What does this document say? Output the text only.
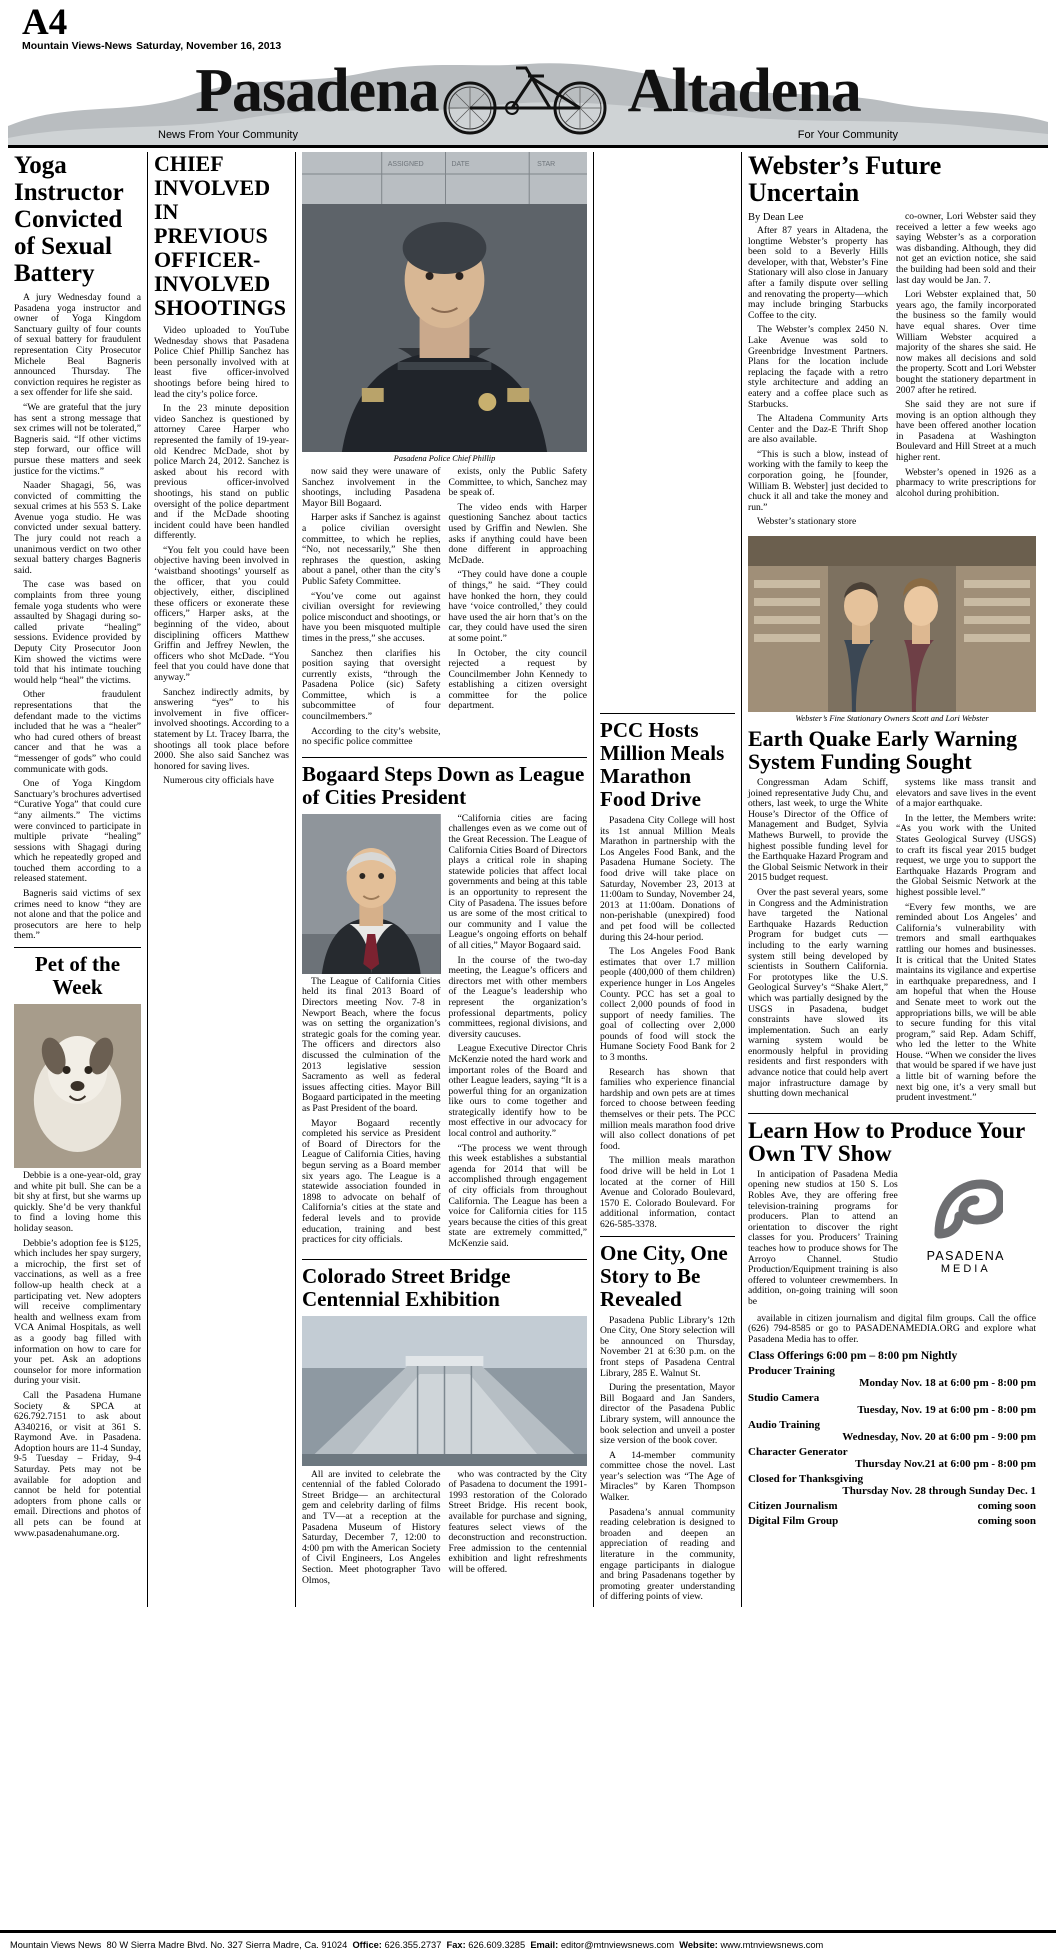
A4
Mountain Views-News Saturday, November 16, 2013
Pasadena	Altadena
News From Your Community	For Your Community
Yoga Instructor Convicted of Sexual Battery

A jury Wednesday found a Pasadena yoga instructor and owner of Yoga Kingdom Sanctuary guilty of four counts of sexual battery for fraudulent representation City Prosecutor Michele Beal Bagneris announced Thursday. The conviction requires he register as a sex offender for life she said.

“We are grateful that the jury has sent a strong message that sex crimes will not be tolerated,” Bagneris said. “If other victims step forward, our office will pursue these matters and seek justice for the victims.”

Naader Shagagi, 56, was convicted of committing the sexual crimes at his 553 S. Lake Avenue yoga studio. He was convicted under sexual battery. The jury could not reach a unanimous verdict on two other sexual battery charges Bagneris said.

The case was based on complaints from three young female yoga students who were assaulted by Shagagi during so-called private “healing” sessions. Evidence provided by Deputy City Prosecutor Joon Kim showed the victims were told that his intimate touching would help “heal” the victims.

Other fraudulent representations that the defendant made to the victims included that he was a “healer” who had cured others of breast cancer and that he was a “messenger of gods” who could communicate with gods.

One of Yoga Kingdom Sanctuary’s brochures advertised “Curative Yoga” that could cure “any ailments.” The victims were convinced to participate in multiple private “healing” sessions with Shagagi during which he repeatedly groped and touched them according to a released statement.

Bagneris said victims of sex crimes need to know “they are not alone and that the police and prosecutors are here to help them.”

Pet of the Week

Debbie is a one-year-old, gray and white pit bull. She can be a bit shy at first, but she warms up quickly. She’d be very thankful to find a loving home this holiday season.

Debbie’s adoption fee is $125, which includes her spay surgery, a microchip, the first set of vaccinations, as well as a free follow-up health check at a participating vet. New adopters will receive complimentary health and wellness exam from VCA Animal Hospitals, as well as a goody bag filled with information on how to care for your pet. Ask an adoptions counselor for more information during your visit.

Call the Pasadena Humane Society & SPCA at 626.792.7151 to ask about A340216, or visit at 361 S. Raymond Ave. in Pasadena. Adoption hours are 11-4 Sunday, 9-5 Tuesday – Friday, 9-4 Saturday. Pets may not be available for adoption and cannot be held for potential adopters from phone calls or email. Directions and photos of all pets can be found at www.pasadenahumane.org.

CHIEF INVOLVED IN PREVIOUS OFFICER-INVOLVED SHOOTINGS

Video uploaded to YouTube Wednesday shows that Pasadena Police Chief Phillip Sanchez has been personally involved with at least five officer-involved shootings before being hired to lead the city’s police force.

In the 23 minute deposition video Sanchez is questioned by attorney Caree Harper who represented the family of 19-year-old Kendrec McDade, shot by police March 24, 2012. Sanchez is asked about his record with previous officer-involved shootings, his stand on public oversight of the police department and if the McDade shooting incident could have been handled differently.

“You felt you could have been objective having been involved in ‘waistband shootings’ yourself as the officer, that you could objectively, either, disciplined these officers or exonerate these officers,” Harper asks, at the beginning of the video, about disciplining officers Matthew Griffin and Jeffrey Newlen, the officers who shot McDade. “You feel that you could have done that anyway.”

Sanchez indirectly admits, by answering “yes” to his involvement in five officer-involved shootings. According to a statement by Lt. Tracey Ibarra, the shootings all took place before 2000. She also said Sanchez was honored for saving lives.

Numerous city officials have

ASSIGNED	DATE	STAR
Pasadena Police Chief Phillip

now said they were unaware of Sanchez involvement in the shootings, including Pasadena Mayor Bill Bogaard.

Harper asks if Sanchez is against a police civilian oversight committee, to which he replies, “No, not necessarily,” She then rephrases the question, asking about a panel, other than the city’s Public Safety Committee.

“You’ve come out against civilian oversight for reviewing police misconduct and shootings, or have you been misquoted multiple times in the press,” she accuses.

Sanchez then clarifies his position saying that oversight currently exists, “through the Pasadena Police (sic) Safety Committee, which is a subcommittee of four councilmembers.”

According to the city’s website, no specific police committee

exists, only the Public Safety Committee, to which, Sanchez may be speak of.

The video ends with Harper questioning Sanchez about tactics used by Griffin and Newlen. She asks if anything could have been done different in approaching McDade.

“They could have done a couple of things,” he said. “They could have honked the horn, they could have ‘voice controlled,’ they could have used the air horn that’s on the car, they could have used the siren at some point.”

In October, the city council rejected a request by Councilmember John Kennedy to establishing a citizen oversight committee for the police department.

Bogaard Steps Down as League of Cities President

The League of California Cities held its final 2013 Board of Directors meeting Nov. 7-8 in Newport Beach, where the focus was on setting the organization’s strategic goals for the coming year. The officers and directors also discussed the culmination of the 2013 legislative session Sacramento as well as federal issues affecting cities. Mayor Bill Bogaard participated in the meeting as Past President of the board.

Mayor Bogaard recently completed his service as President of Board of Directors for the League of California Cities, having begun serving as a Board member six years ago. The League is a statewide association founded in 1898 to advocate on behalf of California’s cities at the state and federal levels and to provide education, training and best practices for city officials.

“California cities are facing challenges even as we come out of the Great Recession. The League of California Cities Board of Directors plays a critical role in shaping statewide policies that affect local governments and being at this table is an opportunity to represent the City of Pasadena. The issues before us are some of the most critical to our community and I value the League’s ongoing efforts on behalf of all cities,” Mayor Bogaard said.

In the course of the two-day meeting, the League’s officers and directors met with other members of the League’s leadership who represent the organization’s professional departments, policy committees, regional divisions, and diversity caucuses.

League Executive Director Chris McKenzie noted the hard work and important roles of the Board and other League leaders, saying “It is a powerful thing for an organization like ours to come together and strategically identify how to be most effective in our advocacy for local control and authority.”

“The process we went through this week establishes a substantial agenda for 2014 that will be accomplished through engagement of city officials from throughout California. The League has been a voice for California cities for 115 years because the cities of this great state are extremely committed,” McKenzie said.

Colorado Street Bridge Centennial Exhibition

All are invited to celebrate the centennial of the fabled Colorado Street Bridge— an architectural gem and celebrity darling of films and TV—at a reception at the Pasadena Museum of History Saturday, December 7, 12:00 to 4:00 pm with the American Society of Civil Engineers, Los Angeles Section. Meet photographer Tavo Olmos,

who was contracted by the City of Pasadena to document the 1991-1993 restoration of the Colorado Street Bridge. His recent book, available for purchase and signing, features select views of the deconstruction and reconstruction. Free admission to the centennial exhibition and light refreshments will be offered.

PCC Hosts Million Meals Marathon Food Drive

Pasadena City College will host its 1st annual Million Meals Marathon in partnership with the Los Angeles Food Bank, and the Pasadena Humane Society. The food drive will take place on Saturday, November 23, 2013 at 11:00am to Sunday, November 24, 2013 at 11:00am. Donations of non-perishable (unexpired) food and pet food will be collected during this 24-hour period.

The Los Angeles Food Bank estimates that over 1.7 million people (400,000 of them children) experience hunger in Los Angeles County. PCC has set a goal to collect 2,000 pounds of food in support of needy families. The goal of collecting over 2,000 pounds of food will stock the Humane Society Food Bank for 2 to 3 months.

Research has shown that families who experience financial hardship and own pets are at times forced to choose between feeding themselves or their pets. The PCC million meals marathon food drive will also collect donations of pet food.

The million meals marathon food drive will be held in Lot 1 located at the corner of Hill Avenue and Colorado Boulevard, 1570 E. Colorado Boulevard. For additional information, contact 626-585-3378.

One City, One Story to Be Revealed

Pasadena Public Library’s 12th One City, One Story selection will be announced on Thursday, November 21 at 6:30 p.m. on the front steps of Pasadena Central Library, 285 E. Walnut St.

During the presentation, Mayor Bill Bogaard and Jan Sanders, director of the Pasadena Public Library system, will announce the book selection and unveil a poster size version of the book cover.

A 14-member community committee chose the novel. Last year’s selection was “The Age of Miracles” by Karen Thompson Walker.

Pasadena’s annual community reading celebration is designed to broaden and deepen an appreciation of reading and literature in the community, engage participants in dialogue and bring Pasadenans together by promoting greater understanding of differing points of view.

Webster’s Future Uncertain
By Dean Lee

After 87 years in Altadena, the longtime Webster’s property has been sold to a Beverly Hills developer, with that, Webster’s Fine Stationary will also close in January after a family dispute over selling and renovating the property—which may include bringing Starbucks Coffee to the city.

The Webster’s complex 2450 N. Lake Avenue was sold to Greenbridge Investment Partners. Plans for the location include replacing the façade with a retro style architecture and adding an eatery and a coffee place such as Starbucks.

The Altadena Community Arts Center and the Daz-E Thrift Shop are also available.

“This is such a blow, instead of working with the family to keep the corporation going, he [founder, William B. Webster] just decided to chuck it all and take the money and run.”

Webster’s stationary store

co-owner, Lori Webster said they received a letter a few weeks ago saying Webster’s as a corporation was disbanding. Although, they did not get an eviction notice, she said the building had been sold and their last day would be Jan. 7.

Lori Webster explained that, 50 years ago, the family incorporated the business so the family would have equal shares. Over time William Webster acquired a majority of the shares she said. He now makes all decisions and sold the property. Scott and Lori Webster bought the stationery department in 2007 after he retired.

She said they are not sure if moving is an option although they have been offered another location in Pasadena at Washington Boulevard and Hill Street at a much higher rent.

Webster’s opened in 1926 as a pharmacy to write prescriptions for alcohol during prohibition.

Webster’s Fine Stationary Owners Scott and Lori Webster
Earth Quake Early Warning System Funding Sought

Congressman Adam Schiff, joined representative Judy Chu, and others, last week, to urge the White House’s Director of the Office of Management and Budget, Sylvia Mathews Burwell, to provide the highest possible funding level for the Earthquake Hazard Program and the Global Seismic Network in their 2015 budget request.

Over the past several years, some in Congress and the Administration have targeted the National Earthquake Hazards Reduction Program for budget cuts — including to the early warning system still being developed by scientists in Southern California. For prototypes like the U.S. Geological Survey’s “Shake Alert,” which was partially designed by the USGS in Pasadena, budget constraints have slowed its implementation. Such an early warning system would be enormously helpful in providing residents and first responders with advance notice that could help avert major infrastructure damage by shutting down mechanical

systems like mass transit and elevators and save lives in the event of a major earthquake.

In the letter, the Members write: “As you work with the United States Geological Survey (USGS) to craft its fiscal year 2015 budget request, we urge you to support the Earthquake Hazards Program and the Global Seismic Network at the highest possible level.”

“Every few months, we are reminded about Los Angeles’ and California’s vulnerability with tremors and small earthquakes rattling our homes and businesses. It is critical that the United States maintains its vigilance and expertise in earthquake preparedness, and I am hopeful that when the House and Senate meet to work out the appropriations bills, we will be able to secure funding for this vital program,” said Rep. Adam Schiff, who led the letter to the White House. “When we consider the lives that would be spared if we have just a little bit of warning before the next big one, it’s a very small but prudent investment.”

Learn How to Produce Your Own TV Show

In anticipation of Pasadena Media opening new studios at 150 S. Los Robles Ave, they are offering free television-training programs for producers. Plan to attend an orientation to discover the right classes for you. Producers’ Training teaches how to produce shows for The Arroyo Channel. Studio Production/Equipment training is also offered to volunteer crewmembers. In addition, on-going training will soon be

PASADENA
MEDIA

available in citizen journalism and digital film groups. Call the office (626) 794-8585 or go to PASADENAMEDIA.ORG and explore what Pasadena Media has to offer.

Class Offerings 6:00 pm – 8:00 pm Nightly
Producer Training
Monday Nov. 18 at 6:00 pm - 8:00 pm
Studio Camera
Tuesday, Nov. 19 at 6:00 pm - 8:00 pm
Audio Training
Wednesday, Nov. 20 at 6:00 pm - 9:00 pm
Character Generator
Thursday Nov.21 at 6:00 pm - 8:00 pm
Closed for Thanksgiving
Thursday Nov. 28 through Sunday Dec. 1
Citizen Journalism	coming soon
Digital Film Group	coming soon
Mountain Views News
80 W Sierra Madre Blvd. No. 327 Sierra Madre, Ca. 91024
Office:
626.355.2737
Fax:
626.609.3285
Email:
editor@mtnviewsnews.com
Website:
www.mtnviewsnews.com
